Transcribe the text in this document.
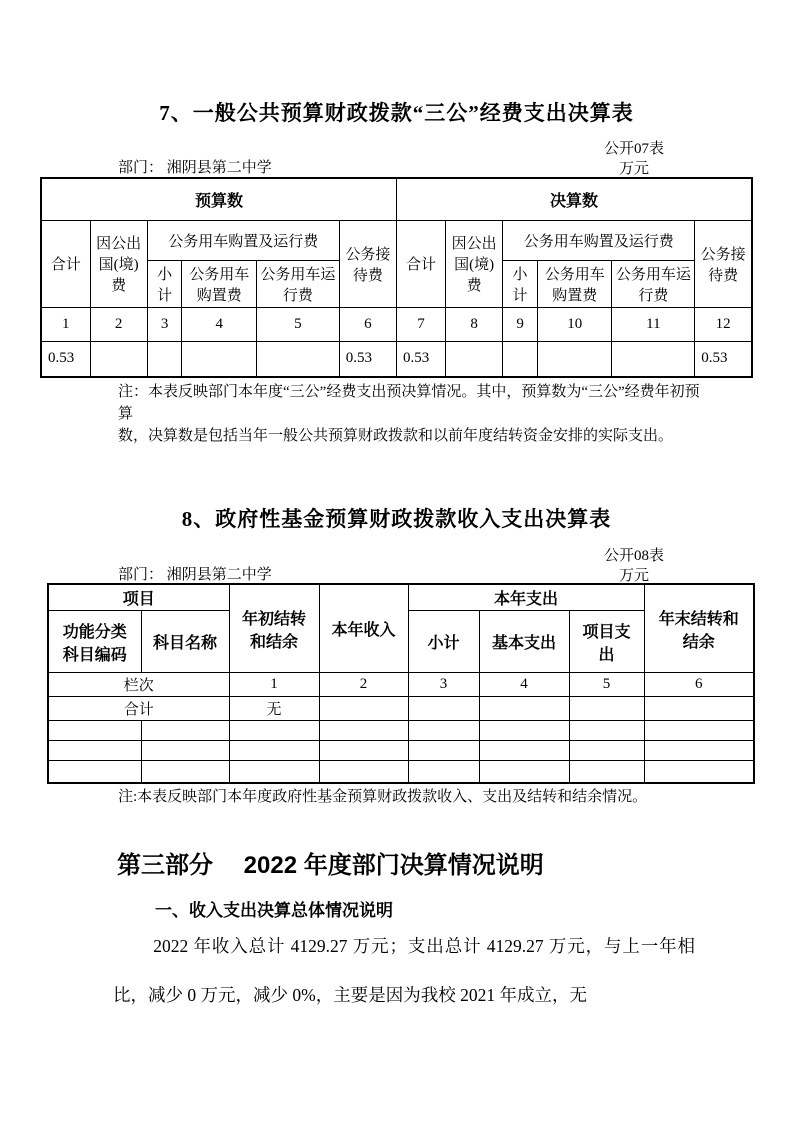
7、一般公共预算财政拨款“三公”经费支出决算表
公开07表
部门： 湘阴县第二中学	万元
预算数						决算数					
合计	因公出国(境)费	公务用车购置及运行费			公务接待费	合计	因公出国(境)费	公务用车购置及运行费			公务接待费
		小计	公务用车购置费	公务用车运行费				小计	公务用车购置费	公务用车运行费	
1	2	3	4	5	6	7	8	9	10	11	12
0.53					0.53	0.53					0.53
注：本表反映部门本年度“三公”经费支出预决算情况。其中，预算数为“三公”经费年初预算
数，决算数是包括当年一般公共预算财政拨款和以前年度结转资金安排的实际支出。
8、政府性基金预算财政拨款收入支出决算表
公开08表
部门： 湘阴县第二中学	万元
项目		年初结转和结余	本年收入	本年支出			年末结转和结余
功能分类科目编码	科目名称			小计	基本支出	项目支出	
栏次		1	2	3	4	5	6
合计		无					

注:本表反映部门本年度政府性基金预算财政拨款收入、支出及结转和结余情况。
第三部分　 2022 年度部门决算情况说明
一、收入支出决算总体情况说明
2022 年收入总计 4129.27 万元；支出总计 4129.27 万元，与上一年相比，减少 0 万元，减少 0%，主要是因为我校 2021 年成立，无
